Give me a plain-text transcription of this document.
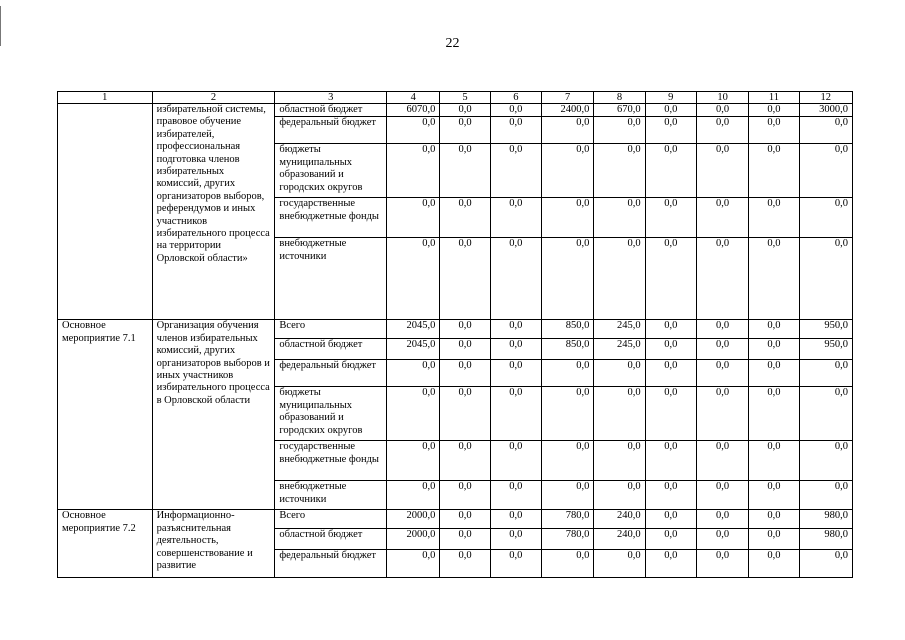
22
1	2	3	4	5	6	7	8	9	10	11	12
	избирательной системы, правовое обучение избирателей, профессиональная подготовка членов избирательных комиссий, других организаторов выборов, референдумов и иных участников избирательного процесса на территории Орловской области»	областной бюджет	6070,0	0,0	0,0	2400,0	670,0	0,0	0,0	0,0	3000,0
		федеральный бюджет	0,0	0,0	0,0	0,0	0,0	0,0	0,0	0,0	0,0
		бюджеты муниципальных образований и городских округов	0,0	0,0	0,0	0,0	0,0	0,0	0,0	0,0	0,0
		государственные внебюджетные фонды	0,0	0,0	0,0	0,0	0,0	0,0	0,0	0,0	0,0
		внебюджетные источники	0,0	0,0	0,0	0,0	0,0	0,0	0,0	0,0	0,0
Основное мероприятие 7.1	Организация обучения членов избирательных комиссий, других организаторов выборов и иных участников избирательного процесса в Орловской области	Всего	2045,0	0,0	0,0	850,0	245,0	0,0	0,0	0,0	950,0
		областной бюджет	2045,0	0,0	0,0	850,0	245,0	0,0	0,0	0,0	950,0
		федеральный бюджет	0,0	0,0	0,0	0,0	0,0	0,0	0,0	0,0	0,0
		бюджеты муниципальных образований и городских округов	0,0	0,0	0,0	0,0	0,0	0,0	0,0	0,0	0,0
		государственные внебюджетные фонды	0,0	0,0	0,0	0,0	0,0	0,0	0,0	0,0	0,0
		внебюджетные источники	0,0	0,0	0,0	0,0	0,0	0,0	0,0	0,0	0,0
Основное мероприятие 7.2	Информационно-разъяснительная деятельность, совершенствование и развитие	Всего	2000,0	0,0	0,0	780,0	240,0	0,0	0,0	0,0	980,0
		областной бюджет	2000,0	0,0	0,0	780,0	240,0	0,0	0,0	0,0	980,0
		федеральный бюджет	0,0	0,0	0,0	0,0	0,0	0,0	0,0	0,0	0,0
